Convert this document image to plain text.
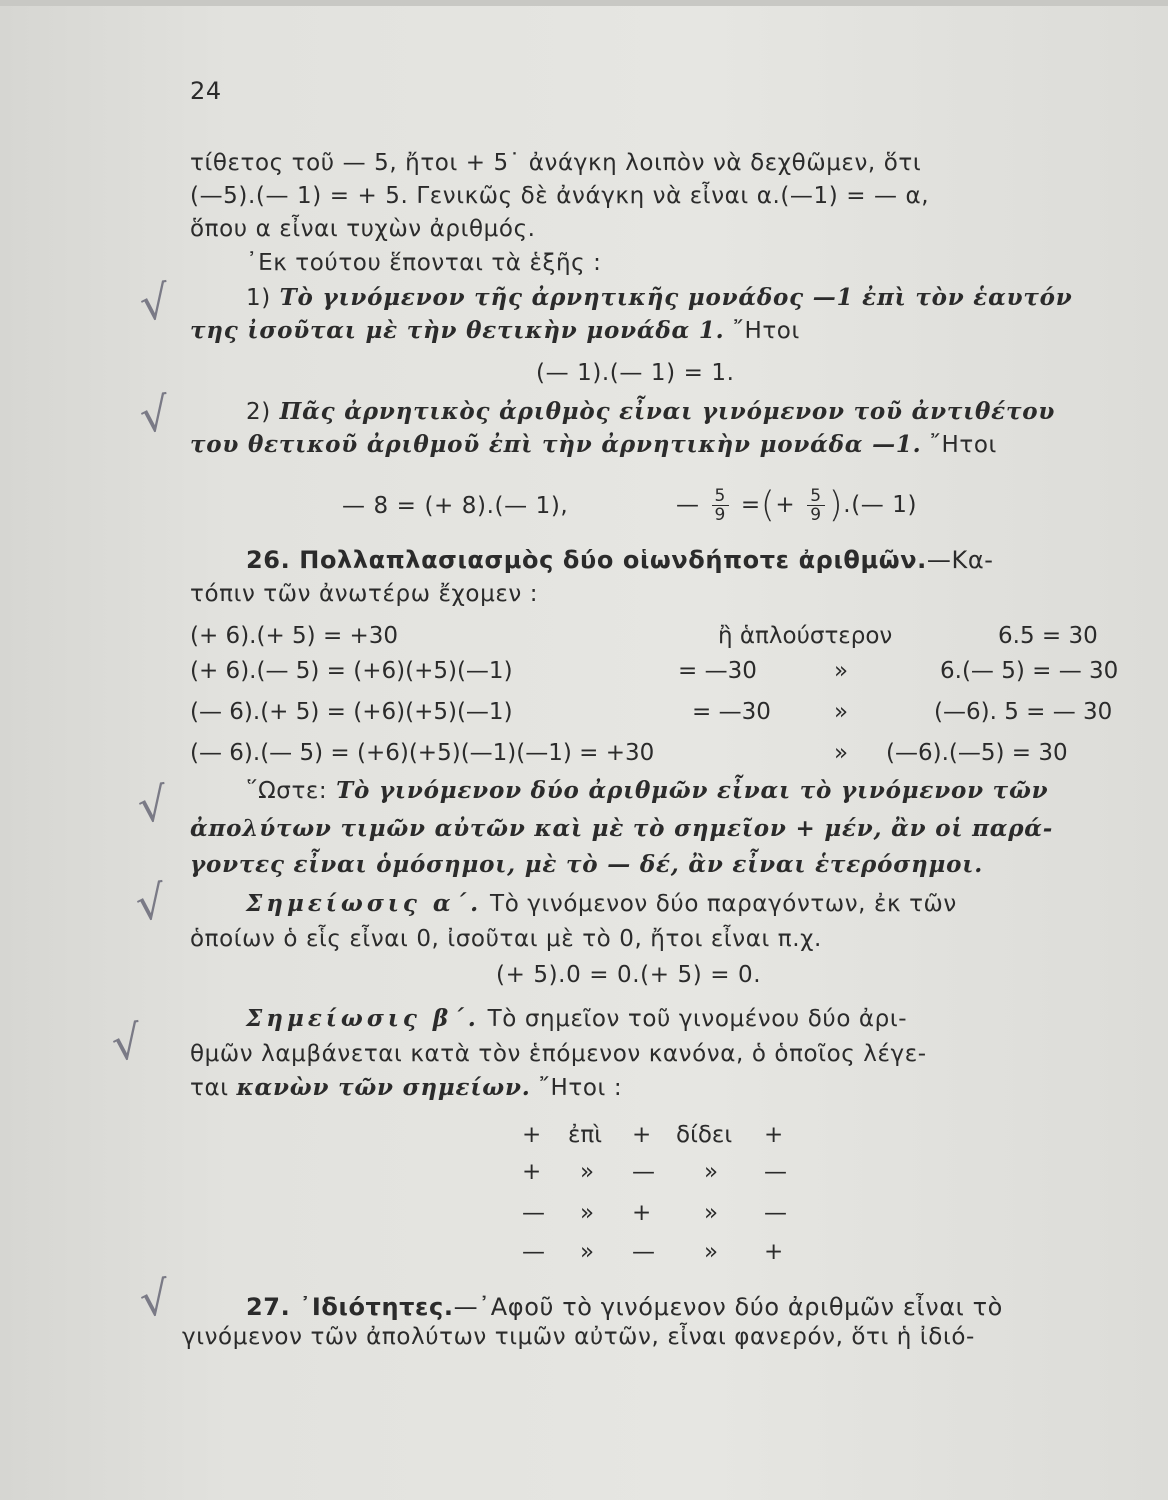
24
τίθετος τοῦ — 5, ἤτοι + 5˙ ἀνάγκη λοιπὸν νὰ δεχθῶμεν, ὅτι
(—5).(— 1) = + 5. Γενικῶς δὲ ἀνάγκη νὰ εἶναι α.(—1) = — α,
ὅπου α εἶναι τυχὼν ἀριθμός.
᾿Εκ τούτου ἕπονται τὰ ἑξῆς :
1) Τὸ γινόμενον τῆς ἀρνητικῆς μονάδος —1 ἐπὶ τὸν ἑαυτόν
της ἰσοῦται μὲ τὴν θετικὴν μονάδα 1. ῎Ητοι
(— 1).(— 1) = 1.
2) Πᾶς ἀρνητικὸς ἀριθμὸς εἶναι γινόμενον τοῦ ἀντιθέτου
του θετικοῦ ἀριθμοῦ ἐπὶ τὴν ἀρνητικὴν μονάδα —1. ῎Ητοι
— 8 = (+ 8).(— 1),	— $\frac{5}{9}$ =(+ $\frac{5}{9}$ ).(— 1)
26. Πολλαπλασιασμὸς δύο οἱωνδήποτε ἀριθμῶν.—Κα-
τόπιν τῶν ἀνωτέρω ἔχομεν :
(+ 6).(+ 5) = +30	ἢ ἁπλούστερον	6.5 = 30
(+ 6).(— 5) = (+6)(+5)(—1)	= —30	»	6.(— 5) = — 30
(— 6).(+ 5) = (+6)(+5)(—1)	= —30	»	(—6). 5 = — 30
(— 6).(— 5) = (+6)(+5)(—1)(—1) = +30	» (—6).(—5) = 30
῞Ωστε: Τὸ γινόμενον δύο ἀριθμῶν εἶναι τὸ γινόμενον τῶν
ἀπολύτων τιμῶν αὐτῶν καὶ μὲ τὸ σημεῖον + μέν, ἂν οἱ παρά-
γοντες εἶναι ὁμόσημοι, μὲ τὸ — δέ, ἂν εἶναι ἑτερόσημοι.
Σημείωσις α΄. Τὸ γινόμενον δύο παραγόντων, ἐκ τῶν
ὁποίων ὁ εἷς εἶναι 0, ἰσοῦται μὲ τὸ 0, ἤτοι εἶναι π.χ.
(+ 5).0 = 0.(+ 5) = 0.
Σημείωσις β΄. Τὸ σημεῖον τοῦ γινομένου δύο ἀρι-
θμῶν λαμβάνεται κατὰ τὸν ἑπόμενον κανόνα, ὁ ὁποῖος λέγε-
ται κανὼν τῶν σημείων. ῎Ητοι :
+ ἐπὶ + δίδει +
+ » — » —
— » + » —
— » — » +
27. ᾿Ιδιότητες.—᾿Αφοῦ τὸ γινόμενον δύο ἀριθμῶν εἶναι τὸ
γινόμενον τῶν ἀπολύτων τιμῶν αὐτῶν, εἶναι φανερόν, ὅτι ἡ ἰδιό-
√
√
√
√
√
√
